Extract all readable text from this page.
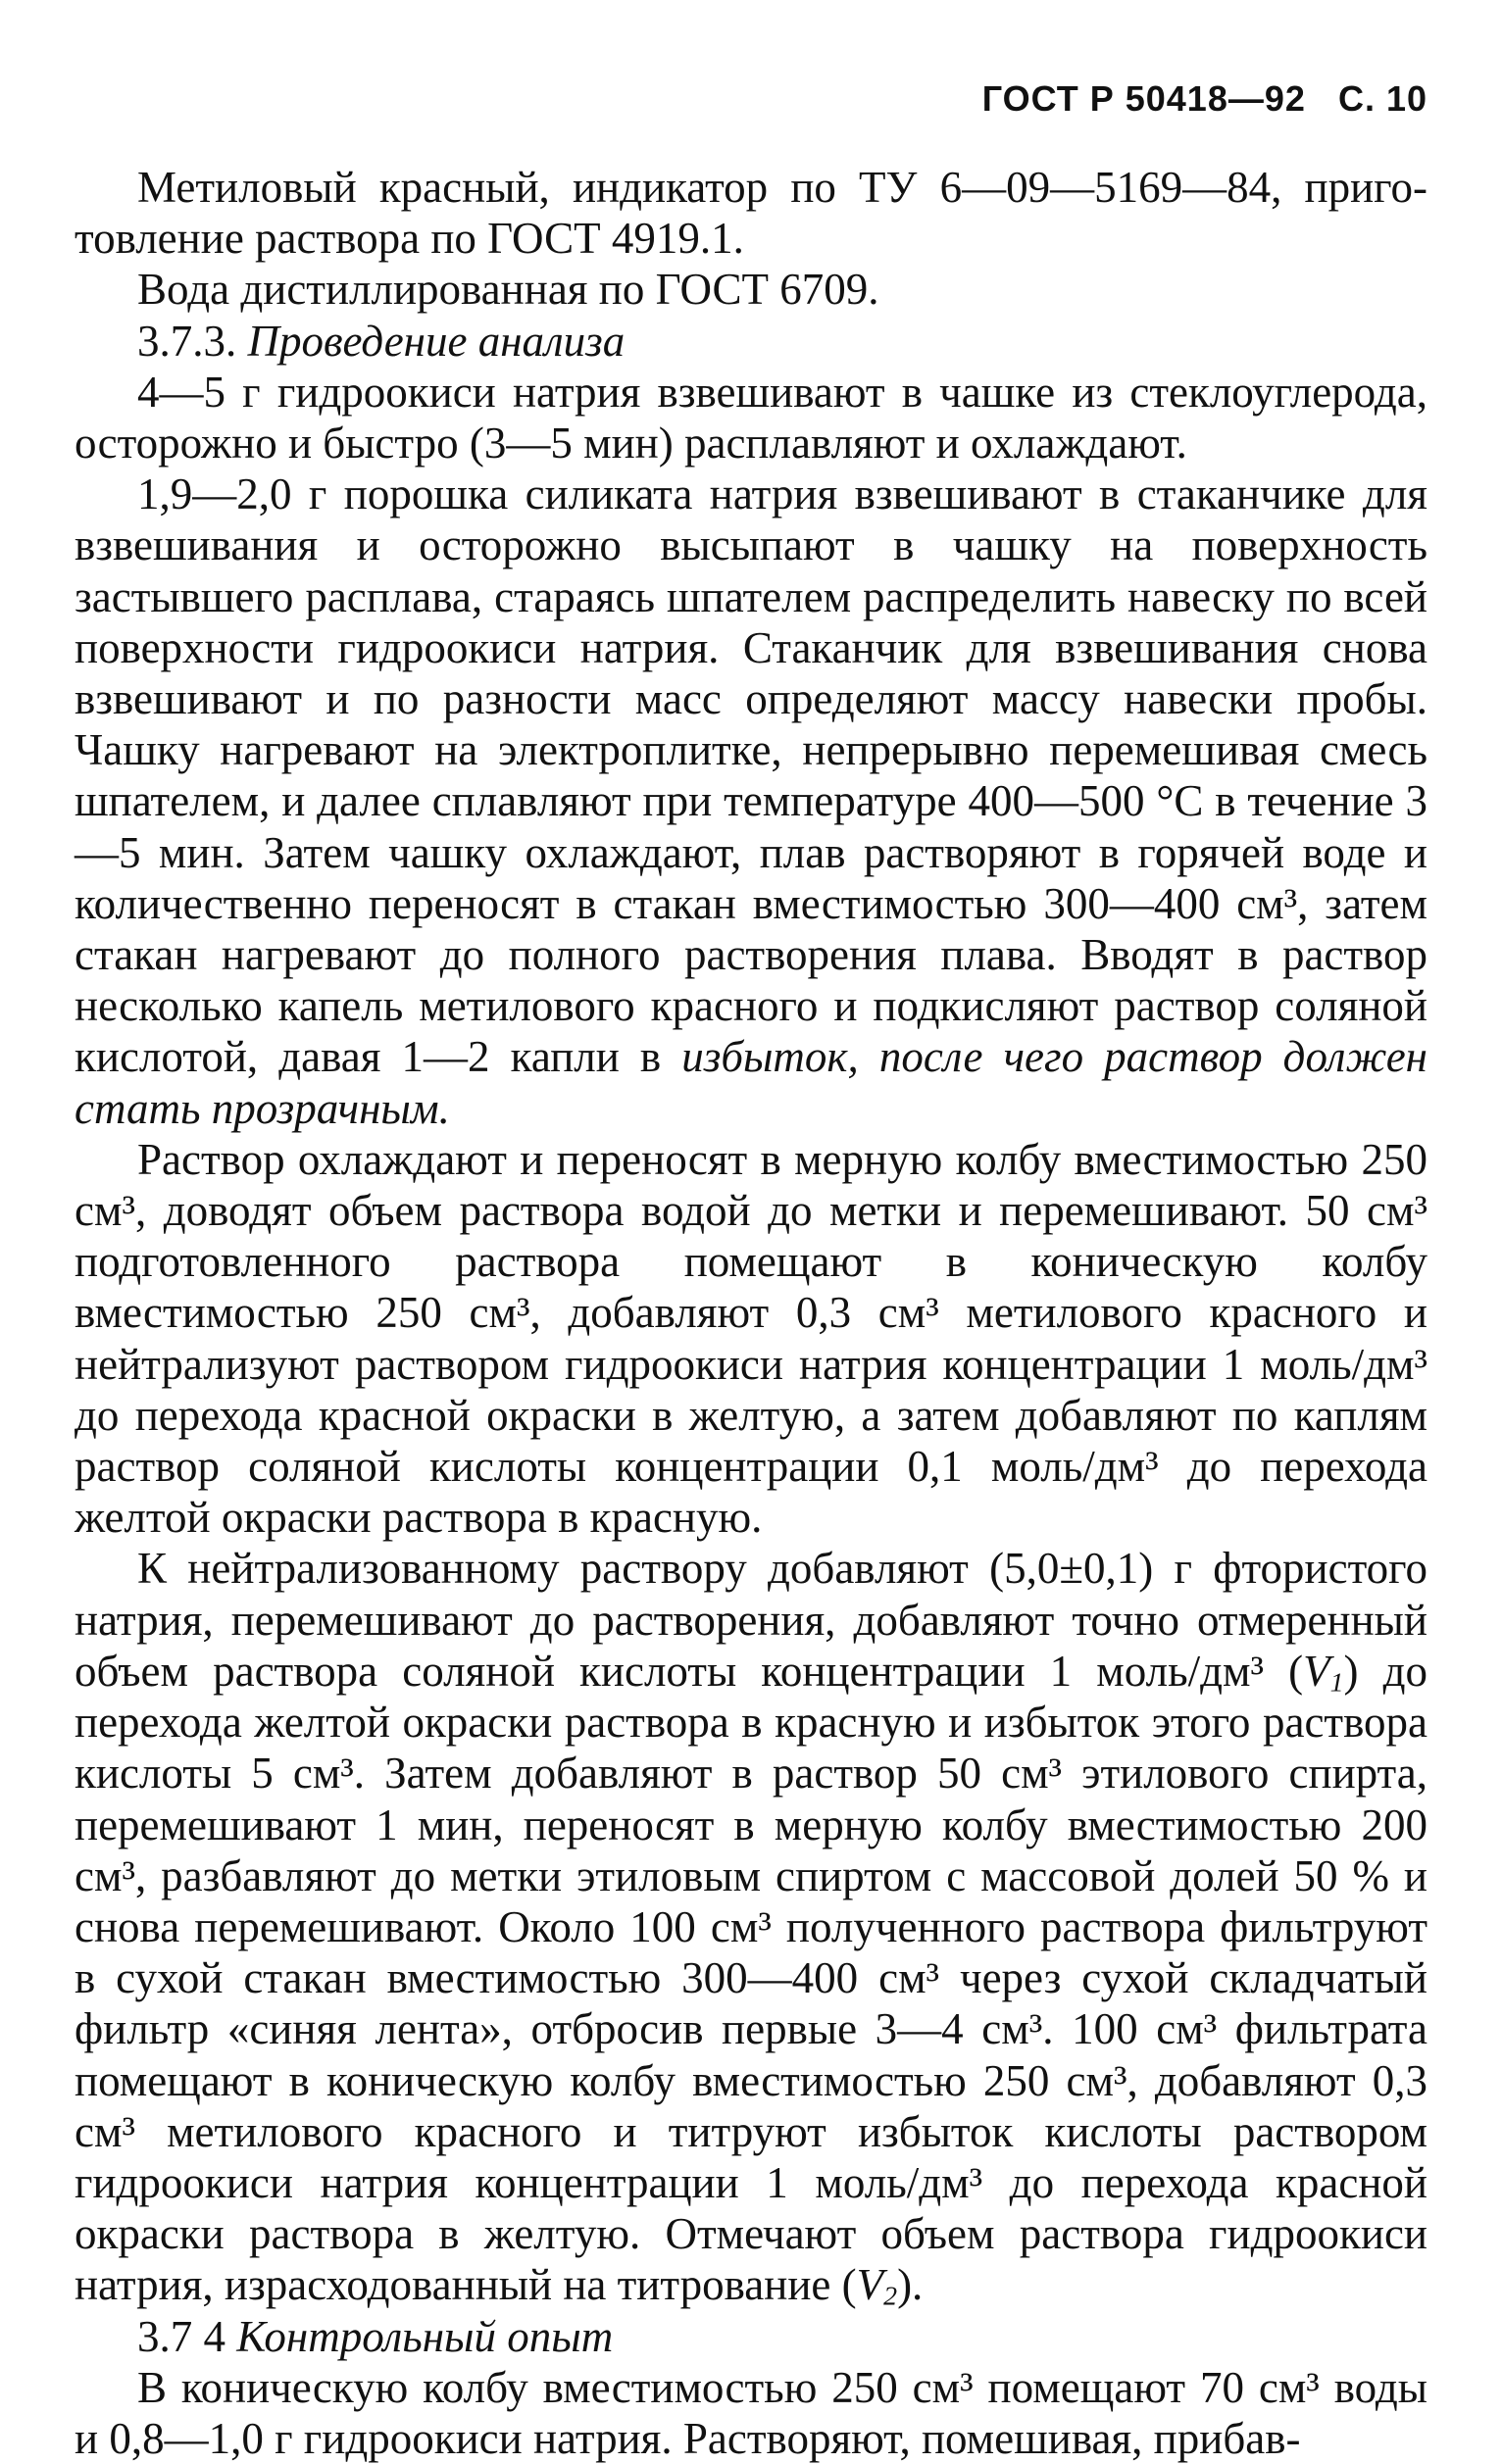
ГОСТ Р 50418—92 С. 10

Метиловый красный, индикатор по ТУ 6—09—5169—84, приготовление раствора по ГОСТ 4919.1.

Вода дистиллированная по ГОСТ 6709.

3.7.3. Проведение анализа

4—5 г гидроокиси натрия взвешивают в чашке из стеклоуглерода, осторожно и быстро (3—5 мин) расплавляют и охлаждают.

1,9—2,0 г порошка силиката натрия взвешивают в стаканчике для взвешивания и осторожно высыпают в чашку на поверхность застывшего расплава, стараясь шпателем распределить навеску по всей поверхности гидроокиси натрия. Стаканчик для взвешивания снова взвешивают и по разности масс определяют массу навески пробы. Чашку нагревают на электроплитке, непрерывно перемешивая смесь шпателем, и далее сплавляют при температуре 400—500 °С в течение 3—5 мин. Затем чашку охлаждают, плав растворяют в горячей воде и количественно переносят в стакан вместимостью 300—400 см³, затем стакан нагревают до полного растворения плава. Вводят в раствор несколько капель метилового красного и подкисляют раствор соляной кислотой, давая 1—2 капли в избыток, после чего раствор должен стать прозрачным.

Раствор охлаждают и переносят в мерную колбу вместимостью 250 см³, доводят объем раствора водой до метки и перемешивают. 50 см³ подготовленного раствора помещают в коническую колбу вместимостью 250 см³, добавляют 0,3 см³ метилового красного и нейтрализуют раствором гидроокиси натрия концентрации 1 моль/дм³ до перехода красной окраски в желтую, а затем добавляют по каплям раствор соляной кислоты концентрации 0,1 моль/дм³ до перехода желтой окраски раствора в красную.

К нейтрализованному раствору добавляют (5,0±0,1) г фтористого натрия, перемешивают до растворения, добавляют точно отмеренный объем раствора соляной кислоты концентрации 1 моль/дм³ $(V_1)$ до перехода желтой окраски раствора в красную и избыток этого раствора кислоты 5 см³. Затем добавляют в раствор 50 см³ этилового спирта, перемешивают 1 мин, переносят в мерную колбу вместимостью 200 см³, разбавляют до метки этиловым спиртом с массовой долей 50 % и снова перемешивают. Около 100 см³ полученного раствора фильтруют в сухой стакан вместимостью 300—400 см³ через сухой складчатый фильтр «синяя лента», отбросив первые 3—4 см³. 100 см³ фильтрата помещают в коническую колбу вместимостью 250 см³, добавляют 0,3 см³ метилового красного и титруют избыток кислоты раствором гидроокиси натрия концентрации 1 моль/дм³ до перехода красной окраски раствора в желтую. Отмечают объем раствора гидроокиси натрия, израсходованный на титрование $(V_2)$.

3.7 4 Контрольный опыт

В коническую колбу вместимостью 250 см³ помещают 70 см³ воды и 0,8—1,0 г гидроокиси натрия. Растворяют, помешивая, прибав-
